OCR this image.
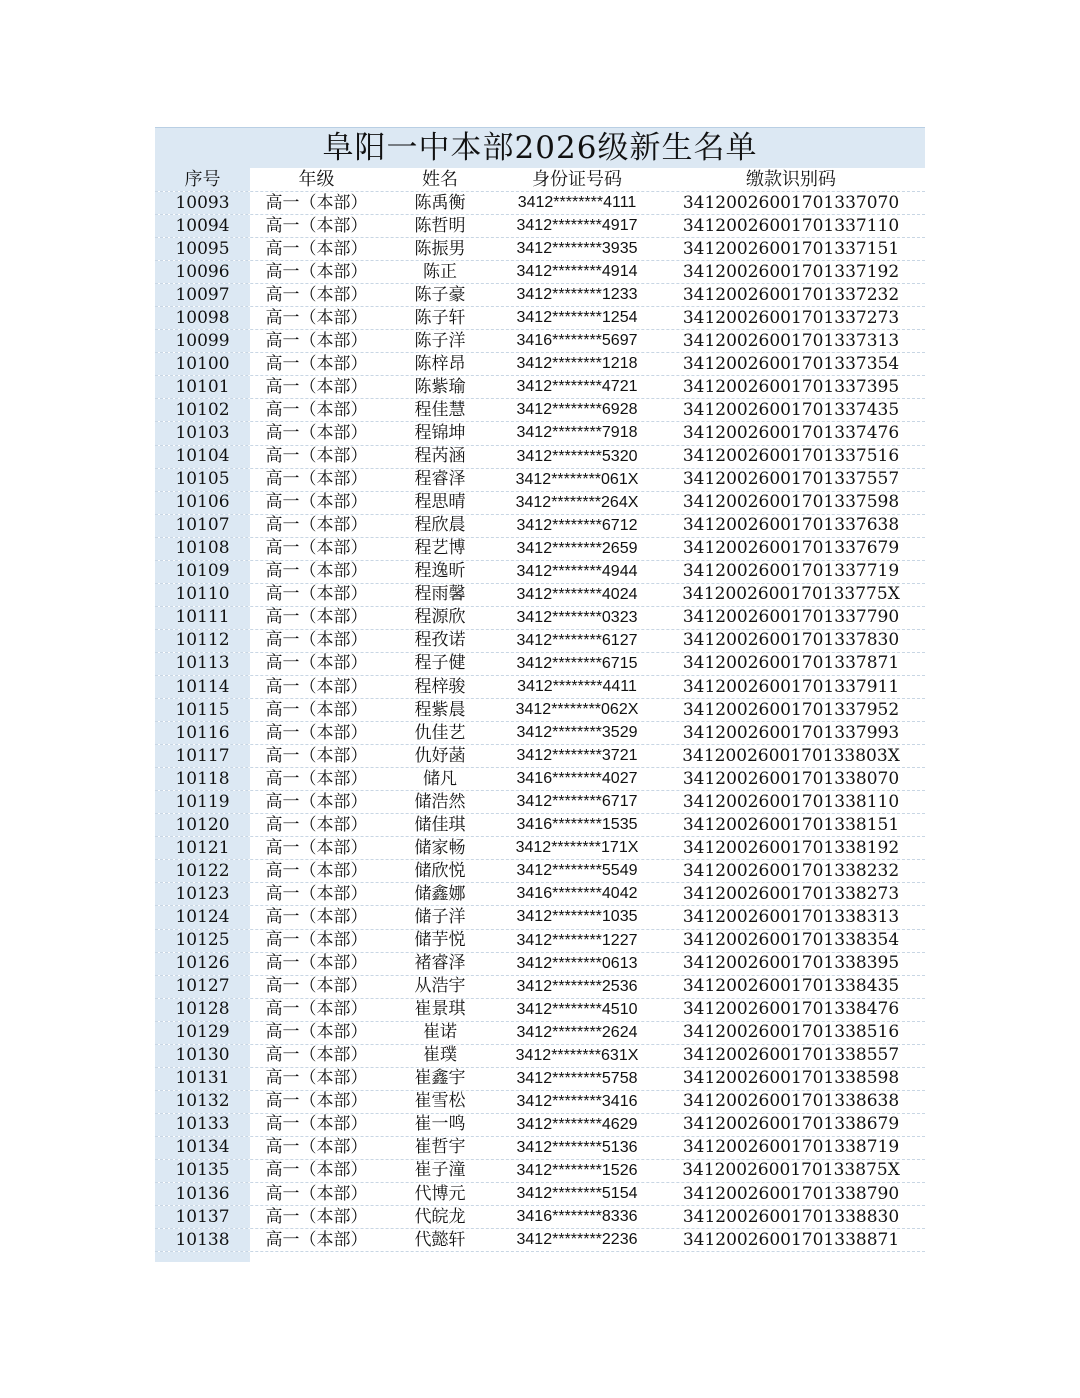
阜阳一中本部2026级新生名单
序号	年级	姓名	身份证号码	缴款识别码
10093	高一（本部）	陈禹衡	3412********4111	34120026001701337070
10094	高一（本部）	陈哲明	3412********4917	34120026001701337110
10095	高一（本部）	陈振男	3412********3935	34120026001701337151
10096	高一（本部）	陈正	3412********4914	34120026001701337192
10097	高一（本部）	陈子豪	3412********1233	34120026001701337232
10098	高一（本部）	陈子轩	3412********1254	34120026001701337273
10099	高一（本部）	陈子洋	3416********5697	34120026001701337313
10100	高一（本部）	陈梓昂	3412********1218	34120026001701337354
10101	高一（本部）	陈紫瑜	3412********4721	34120026001701337395
10102	高一（本部）	程佳慧	3412********6928	34120026001701337435
10103	高一（本部）	程锦坤	3412********7918	34120026001701337476
10104	高一（本部）	程芮涵	3412********5320	34120026001701337516
10105	高一（本部）	程睿泽	3412********061X	34120026001701337557
10106	高一（本部）	程思晴	3412********264X	34120026001701337598
10107	高一（本部）	程欣晨	3412********6712	34120026001701337638
10108	高一（本部）	程艺博	3412********2659	34120026001701337679
10109	高一（本部）	程逸昕	3412********4944	34120026001701337719
10110	高一（本部）	程雨馨	3412********4024	3412002600170133775X
10111	高一（本部）	程源欣	3412********0323	34120026001701337790
10112	高一（本部）	程孜诺	3412********6127	34120026001701337830
10113	高一（本部）	程子健	3412********6715	34120026001701337871
10114	高一（本部）	程梓骏	3412********4411	34120026001701337911
10115	高一（本部）	程紫晨	3412********062X	34120026001701337952
10116	高一（本部）	仇佳艺	3412********3529	34120026001701337993
10117	高一（本部）	仇妤菡	3412********3721	3412002600170133803X
10118	高一（本部）	储凡	3416********4027	34120026001701338070
10119	高一（本部）	储浩然	3412********6717	34120026001701338110
10120	高一（本部）	储佳琪	3416********1535	34120026001701338151
10121	高一（本部）	储家畅	3412********171X	34120026001701338192
10122	高一（本部）	储欣悦	3412********5549	34120026001701338232
10123	高一（本部）	储鑫娜	3416********4042	34120026001701338273
10124	高一（本部）	储子洋	3412********1035	34120026001701338313
10125	高一（本部）	储芋悦	3412********1227	34120026001701338354
10126	高一（本部）	褚睿泽	3412********0613	34120026001701338395
10127	高一（本部）	从浩宇	3412********2536	34120026001701338435
10128	高一（本部）	崔景琪	3412********4510	34120026001701338476
10129	高一（本部）	崔诺	3412********2624	34120026001701338516
10130	高一（本部）	崔璞	3412********631X	34120026001701338557
10131	高一（本部）	崔鑫宇	3412********5758	34120026001701338598
10132	高一（本部）	崔雪松	3412********3416	34120026001701338638
10133	高一（本部）	崔一鸣	3412********4629	34120026001701338679
10134	高一（本部）	崔哲宇	3412********5136	34120026001701338719
10135	高一（本部）	崔子潼	3412********1526	3412002600170133875X
10136	高一（本部）	代博元	3412********5154	34120026001701338790
10137	高一（本部）	代皖龙	3416********8336	34120026001701338830
10138	高一（本部）	代懿轩	3412********2236	34120026001701338871
